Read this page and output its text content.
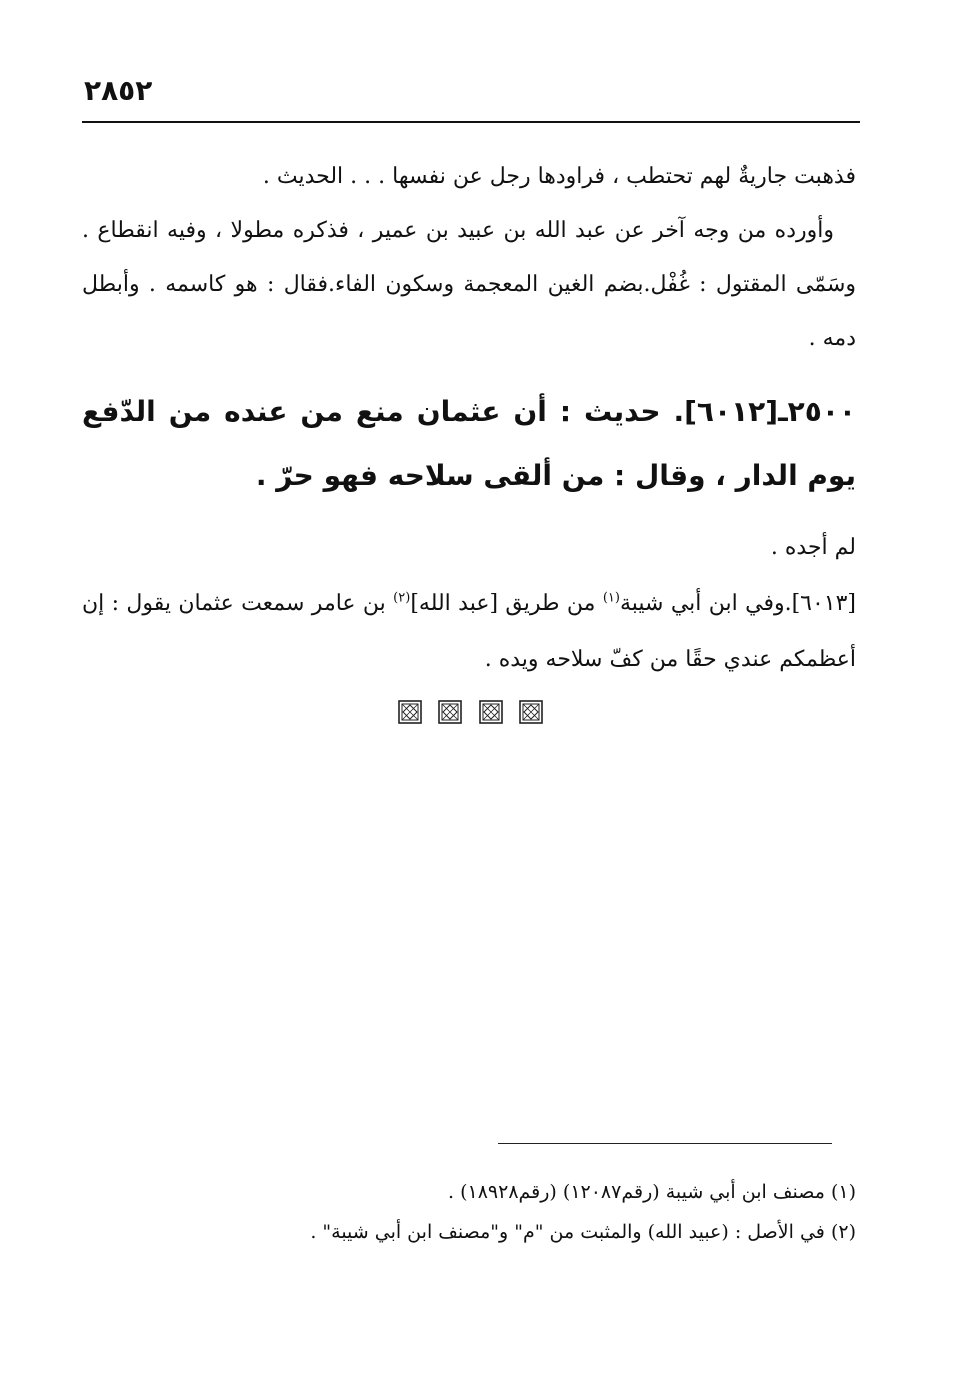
٢٨٥٢

فذهبت جاريةٌ لهم تحتطب ، فراودها رجل عن نفسها . . . الحديث .

وأورده من وجه آخر عن عبد الله بن عبيد بن عمير ، فذكره مطولا ، وفيه انقطاع . وسَمّى المقتول : غُفْل.بضم الغين المعجمة وسكون الفاء.فقال : هو كاسمه . وأبطل دمه .

٢٥٠٠ـ[٦٠١٢]. حديث : أن عثمان منع من عنده من الدّفع يوم الدار ، وقال : من ألقى سلاحه فهو حرّ .

لم أجده .

[٦٠١٣].وفي ابن أبي شيبة$^{(١)}$ من طريق [عبد الله]$^{(٢)}$ بن عامر سمعت عثمان يقول : إن أعظمكم عندي حقًا من كفّ سلاحه ويده .

(١) مصنف ابن أبي شيبة (رقم١٢٠٨٧) (رقم١٨٩٢٨) .

(٢) في الأصل : (عبيد الله) والمثبت من "م" و"مصنف ابن أبي شيبة" .
